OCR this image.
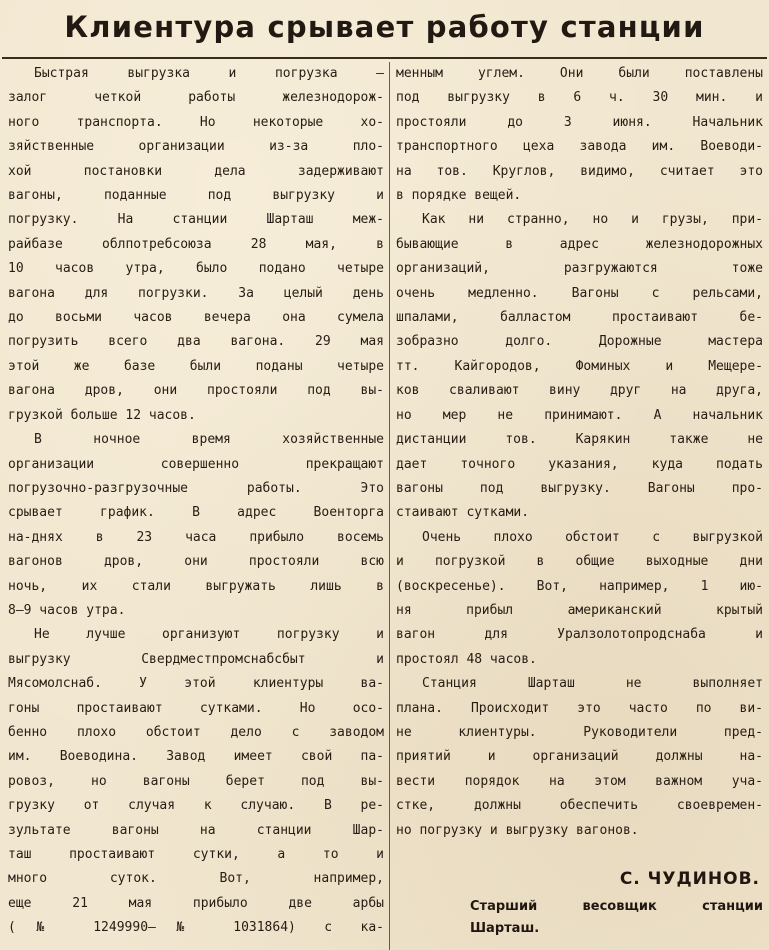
Клиентура срывает работу станции
Быстрая выгрузка и погрузка —
залог четкой работы железнодорож-
ного транспорта. Но некоторые хо-
зяйственные организации из-за пло-
хой постановки дела задерживают
вагоны, поданные под выгрузку и
погрузку. На станции Шарташ меж-
райбазе облпотребсоюза 28 мая, в
10 часов утра, было подано четыре
вагона для погрузки. За целый день
до восьми часов вечера она сумела
погрузить всего два вагона. 29 мая
этой же базе были поданы четыре
вагона дров, они простояли под вы-
грузкой больше 12 часов.
В ночное время хозяйственные
организации совершенно прекращают
погрузочно-разгрузочные работы. Это
срывает график. В адрес Военторга
на-днях в 23 часа прибыло восемь
вагонов дров, они простояли всю
ночь, их стали выгружать лишь в
8—9 часов утра.
Не лучше организуют погрузку и
выгрузку Свердместпромснабсбыт и
Мясомолснаб. У этой клиентуры ва-
гоны простаивают сутками. Но осо-
бенно плохо обстоит дело с заводом
им. Воеводина. Завод имеет свой па-
ровоз, но вагоны берет под вы-
грузку от случая к случаю. В ре-
зультате вагоны на станции Шар-
таш простаивают сутки, а то и
много суток. Вот, например,
еще 21 мая прибыло две арбы
(№ 1249990—№ 1031864) с ка-
менным углем. Они были поставлены
под выгрузку в 6 ч. 30 мин. и
простояли до 3 июня. Начальник
транспортного цеха завода им. Воеводи-
на тов. Круглов, видимо, считает это
в порядке вещей.
Как ни странно, но и грузы, при-
бывающие в адрес железнодорожных
организаций, разгружаются тоже
очень медленно. Вагоны с рельсами,
шпалами, балластом простаивают бе-
зобразно долго. Дорожные мастера
тт. Кайгородов, Фоминых и Мещере-
ков сваливают вину друг на друга,
но мер не принимают. А начальник
дистанции тов. Карякин также не
дает точного указания, куда подать
вагоны под выгрузку. Вагоны про-
стаивают сутками.
Очень плохо обстоит с выгрузкой
и погрузкой в общие выходные дни
(воскресенье). Вот, например, 1 ию-
ня прибыл американский крытый
вагон для Уралзолотопродснаба и
простоял 48 часов.
Станция Шарташ не выполняет
плана. Происходит это часто по ви-
не клиентуры. Руководители пред-
приятий и организаций должны на-
вести порядок на этом важном уча-
стке, должны обеспечить своевремен-
но погрузку и выгрузку вагонов.
С. ЧУДИНОВ.
Старший весовщик станции
Шарташ.
